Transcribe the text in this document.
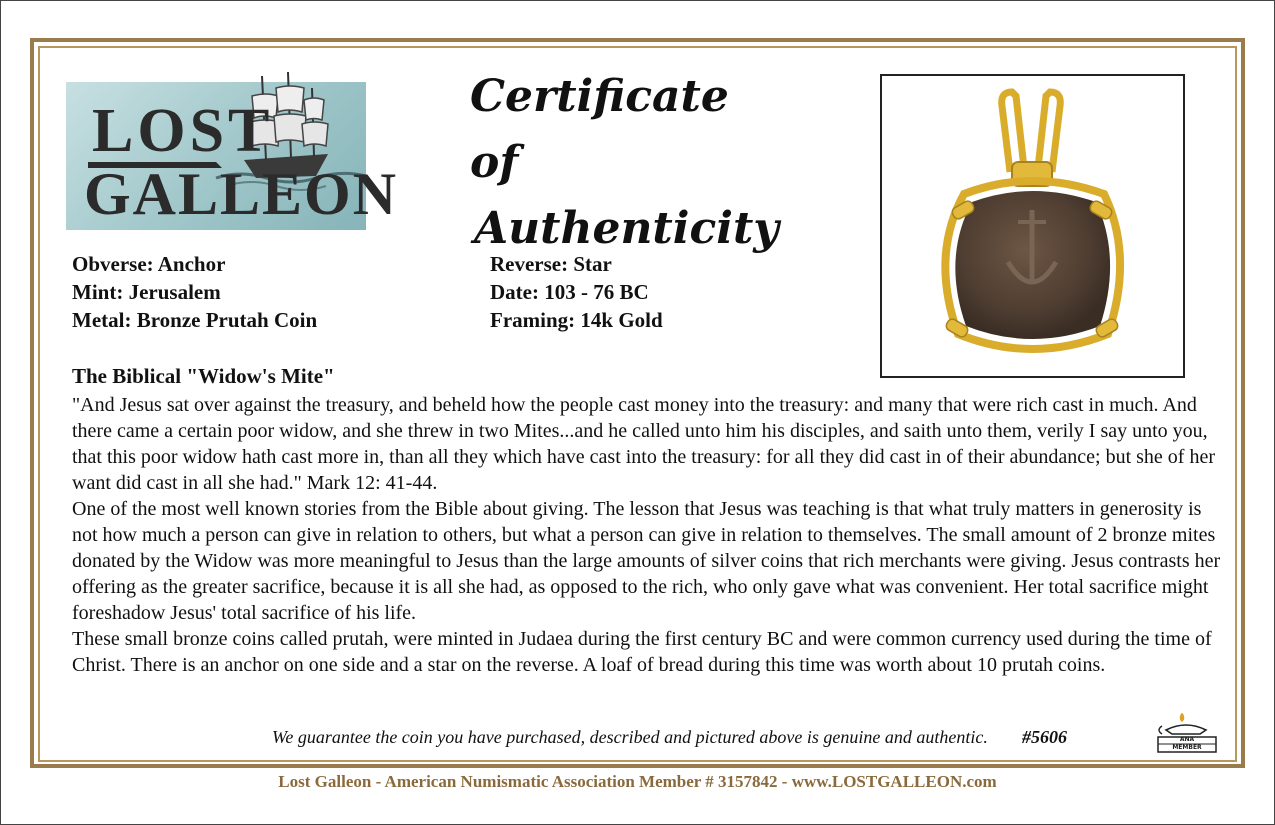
LOST
GALLEON
Certificate of
Authenticity
Obverse: Anchor
Mint: Jerusalem
Metal: Bronze Prutah Coin
Reverse: Star
Date: 103 - 76 BC
Framing: 14k Gold
The Biblical "Widow's Mite"

"And Jesus sat over against the treasury, and beheld how the people cast money into the treasury: and many that were rich cast in much. And there came a certain poor widow, and she threw in two Mites...and he called unto him his disciples, and saith unto them, verily I say unto you, that this poor widow hath cast more in, than all they which have cast into the treasury: for all they did cast in of their abundance; but she of her want did cast in all she had." Mark 12: 41-44.

One of the most well known stories from the Bible about giving. The lesson that Jesus was teaching is that what truly matters in generosity is not how much a person can give in relation to others, but what a person can give in relation to themselves. The small amount of 2 bronze mites donated by the Widow was more meaningful to Jesus than the large amounts of silver coins that rich merchants were giving. Jesus contrasts her offering as the greater sacrifice, because it is all she had, as opposed to the rich, who only gave what was convenient. Her total sacrifice might foreshadow Jesus' total sacrifice of his life.

These small bronze coins called prutah, were minted in Judaea during the first century BC and were common currency used during the time of Christ. There is an anchor on one side and a star on the reverse. A loaf of bread during this time was worth about 10 prutah coins.

We guarantee the coin you have purchased, described and pictured above is genuine and authentic. #5606	ANA
MEMBER
Lost Galleon - American Numismatic Association Member # 3157842 - www.LOSTGALLEON.com
